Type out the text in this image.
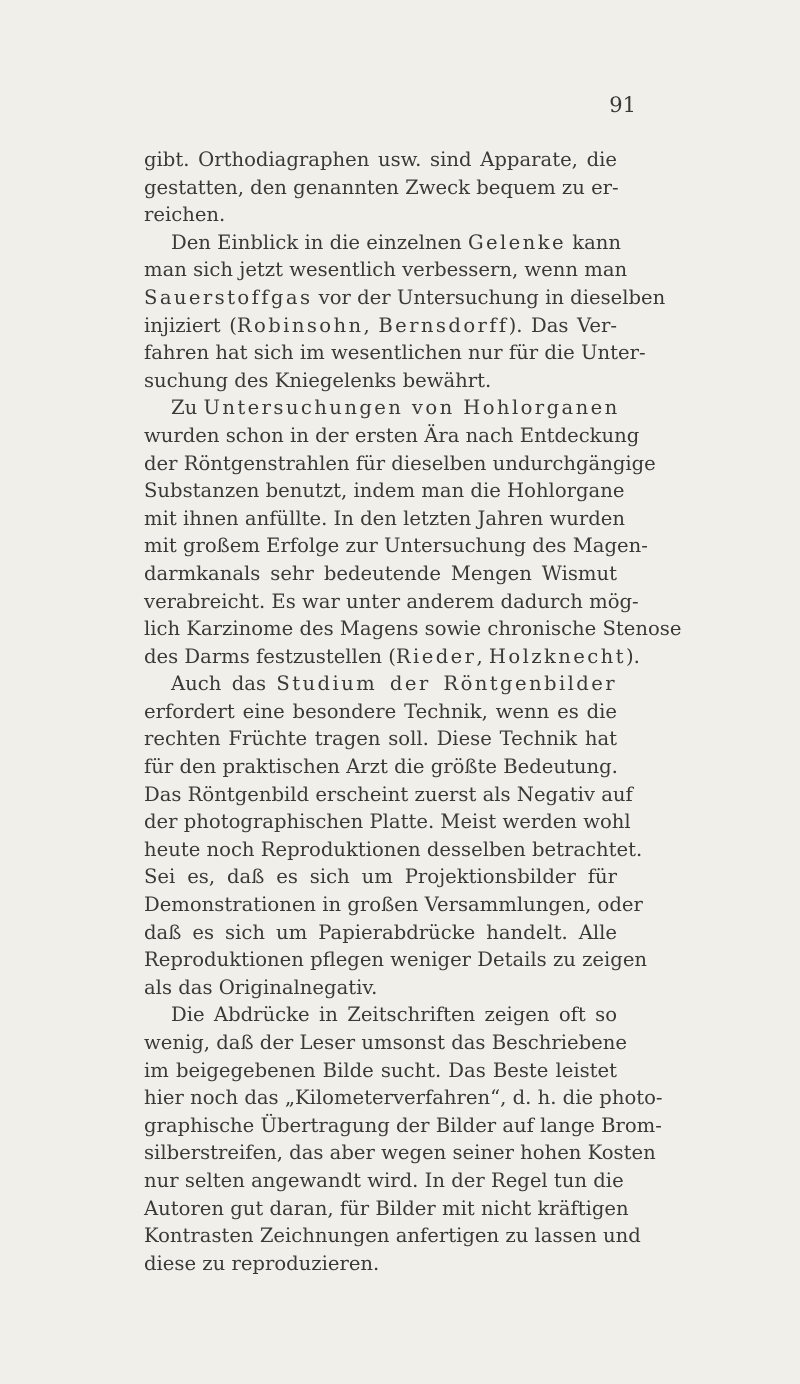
91
gibt. Orthodiagraphen usw. sind Apparate, die
gestatten, den genannten Zweck bequem zu er-
reichen.
Den Einblick in die einzelnen Gelenke kann
man sich jetzt wesentlich verbessern, wenn man
Sauerstoffgas vor der Untersuchung in dieselben
injiziert (Robinsohn, Bernsdorff). Das Ver-
fahren hat sich im wesentlichen nur für die Unter-
suchung des Kniegelenks bewährt.
Zu Untersuchungen von Hohlorganen
wurden schon in der ersten Ära nach Entdeckung
der Röntgenstrahlen für dieselben undurchgängige
Substanzen benutzt, indem man die Hohlorgane
mit ihnen anfüllte. In den letzten Jahren wurden
mit großem Erfolge zur Untersuchung des Magen-
darmkanals sehr bedeutende Mengen Wismut
verabreicht. Es war unter anderem dadurch mög-
lich Karzinome des Magens sowie chronische Stenose
des Darms festzustellen (Rieder, Holzknecht).
Auch das Studium der Röntgenbilder
erfordert eine besondere Technik, wenn es die
rechten Früchte tragen soll. Diese Technik hat
für den praktischen Arzt die größte Bedeutung.
Das Röntgenbild erscheint zuerst als Negativ auf
der photographischen Platte. Meist werden wohl
heute noch Reproduktionen desselben betrachtet.
Sei es, daß es sich um Projektionsbilder für
Demonstrationen in großen Versammlungen, oder
daß es sich um Papierabdrücke handelt. Alle
Reproduktionen pflegen weniger Details zu zeigen
als das Originalnegativ.
Die Abdrücke in Zeitschriften zeigen oft so
wenig, daß der Leser umsonst das Beschriebene
im beigegebenen Bilde sucht. Das Beste leistet
hier noch das „Kilometerverfahren“, d. h. die photo-
graphische Übertragung der Bilder auf lange Brom-
silberstreifen, das aber wegen seiner hohen Kosten
nur selten angewandt wird. In der Regel tun die
Autoren gut daran, für Bilder mit nicht kräftigen
Kontrasten Zeichnungen anfertigen zu lassen und
diese zu reproduzieren.
